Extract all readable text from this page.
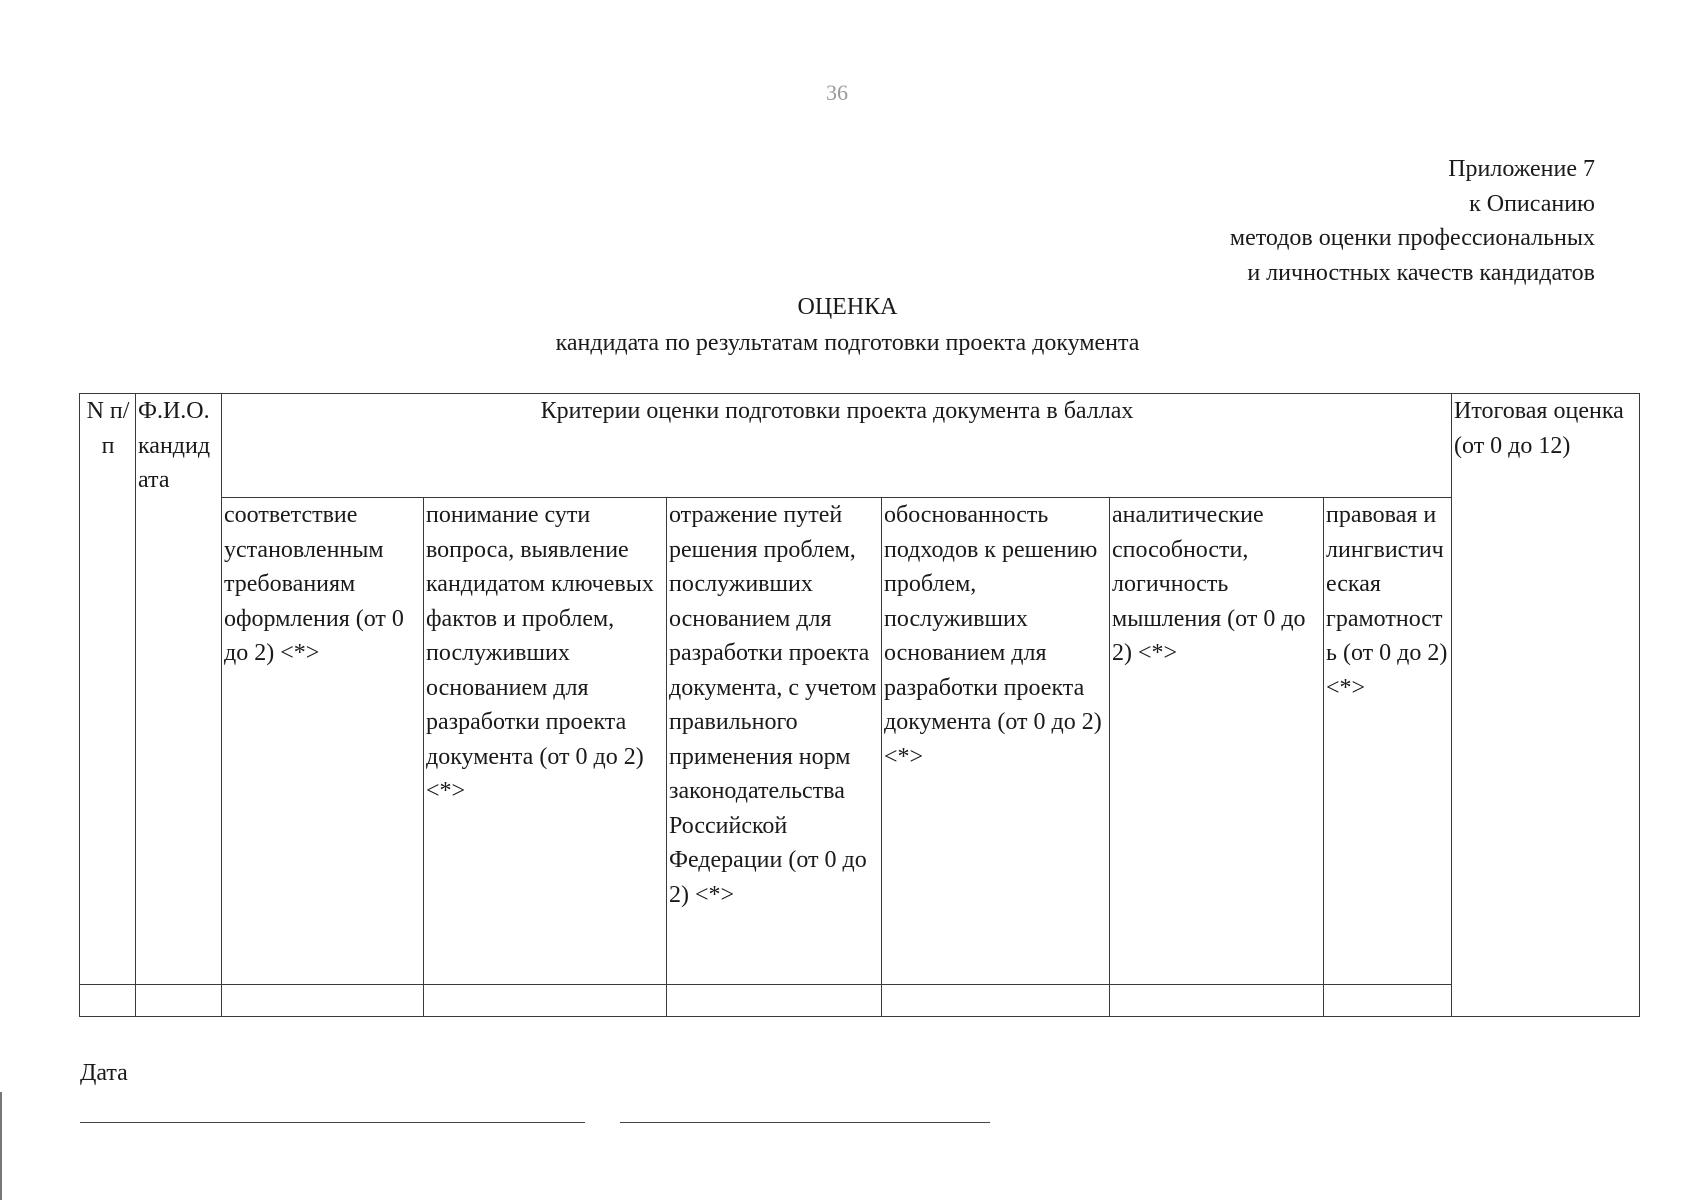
36
Приложение 7
к Описанию
методов оценки профессиональных
и личностных качеств кандидатов
ОЦЕНКА
кандидата по результатам подготовки проекта документа
N п/п	Ф.И.О. кандидата	Критерии оценки подготовки проекта документа в баллах						Итоговая оценка (от 0 до 12)
		соответствие установленным требованиям оформления (от 0 до 2) <*>	понимание сути вопроса, выявление кандидатом ключевых фактов и проблем, послуживших основанием для разработки проекта документа (от 0 до 2) <*>	отражение путей решения проблем, послуживших основанием для разработки проекта документа, с учетом правильного применения норм законодательства Российской Федерации (от 0 до 2) <*>	обоснованность подходов к решению проблем, послуживших основанием для разработки проекта документа (от 0 до 2) <*>	аналитические способности, логичность мышления (от 0 до 2) <*>	правовая и лингвистическая грамотность (от 0 до 2) <*>	

Дата
